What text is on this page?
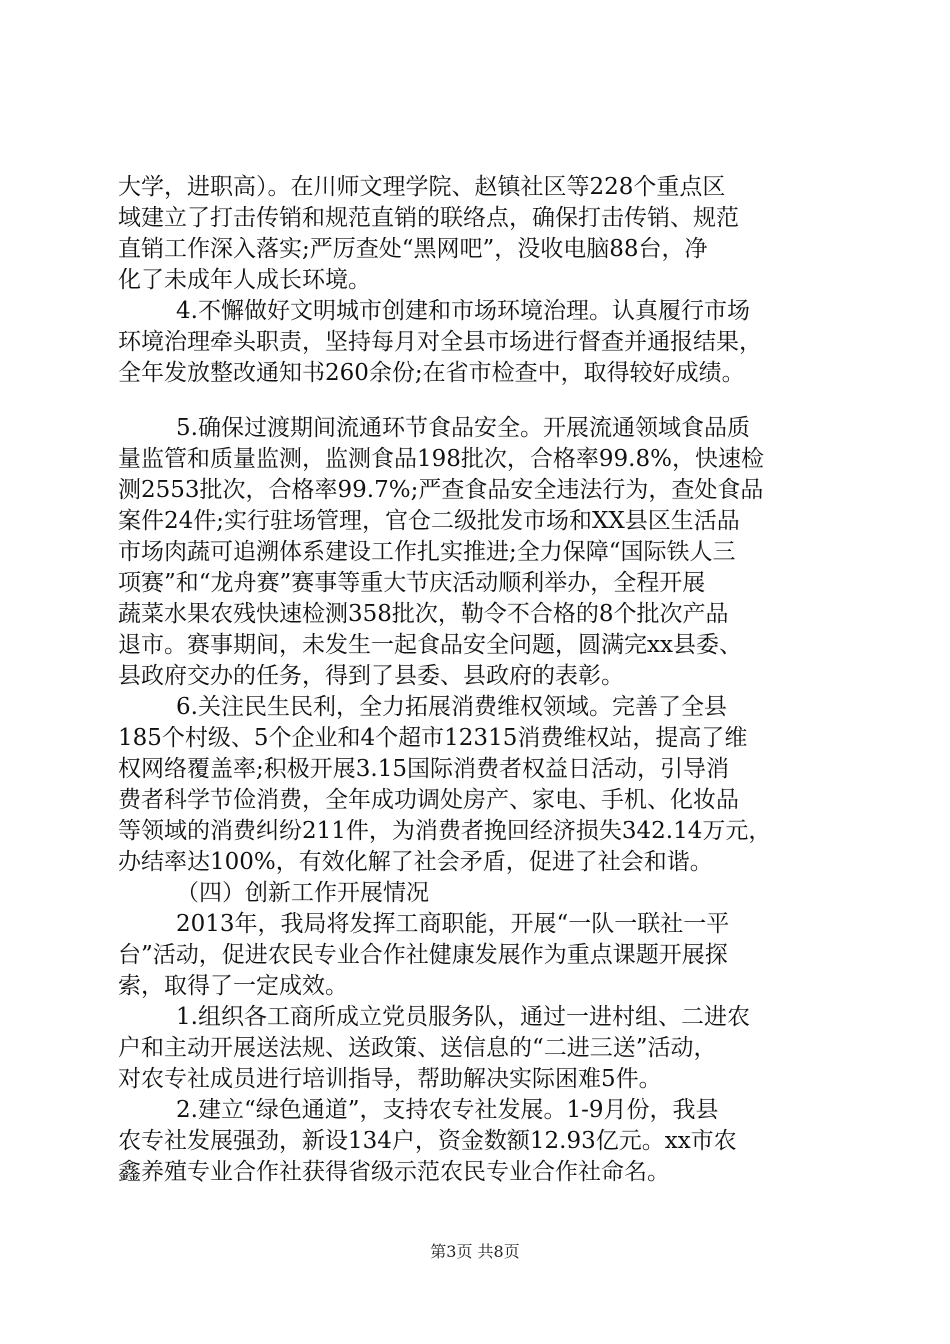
大学，进职高）。在川师文理学院、赵镇社区等228个重点区
域建立了打击传销和规范直销的联络点，确保打击传销、规范
直销工作深入落实;严厉查处“黑网吧”，没收电脑88台，净
化了未成年人成长环境。
4.不懈做好文明城市创建和市场环境治理。认真履行市场
环境治理牵头职责，坚持每月对全县市场进行督查并通报结果，
全年发放整改通知书260余份;在省市检查中，取得较好成绩。
5.确保过渡期间流通环节食品安全。开展流通领域食品质
量监管和质量监测，监测食品198批次，合格率99.8%，快速检
测2553批次，合格率99.7%;严查食品安全违法行为，查处食品
案件24件;实行驻场管理，官仓二级批发市场和XX县区生活品
市场肉蔬可追溯体系建设工作扎实推进;全力保障“国际铁人三
项赛”和“龙舟赛”赛事等重大节庆活动顺利举办，全程开展
蔬菜水果农残快速检测358批次，勒令不合格的8个批次产品
退市。赛事期间，未发生一起食品安全问题，圆满完xx县委、
县政府交办的任务，得到了县委、县政府的表彰。
6.关注民生民利，全力拓展消费维权领域。完善了全县
185个村级、5个企业和4个超市12315消费维权站，提高了维
权网络覆盖率;积极开展3.15国际消费者权益日活动，引导消
费者科学节俭消费，全年成功调处房产、家电、手机、化妆品
等领域的消费纠纷211件，为消费者挽回经济损失342.14万元，
办结率达100%，有效化解了社会矛盾，促进了社会和谐。
（四）创新工作开展情况
2013年，我局将发挥工商职能，开展“一队一联社一平
台”活动，促进农民专业合作社健康发展作为重点课题开展探
索，取得了一定成效。
1.组织各工商所成立党员服务队，通过一进村组、二进农
户和主动开展送法规、送政策、送信息的“二进三送”活动，
对农专社成员进行培训指导，帮助解决实际困难5件。
2.建立“绿色通道”，支持农专社发展。1-9月份，我县
农专社发展强劲，新设134户，资金数额12.93亿元。xx市农
鑫养殖专业合作社获得省级示范农民专业合作社命名。
第3页 共8页
